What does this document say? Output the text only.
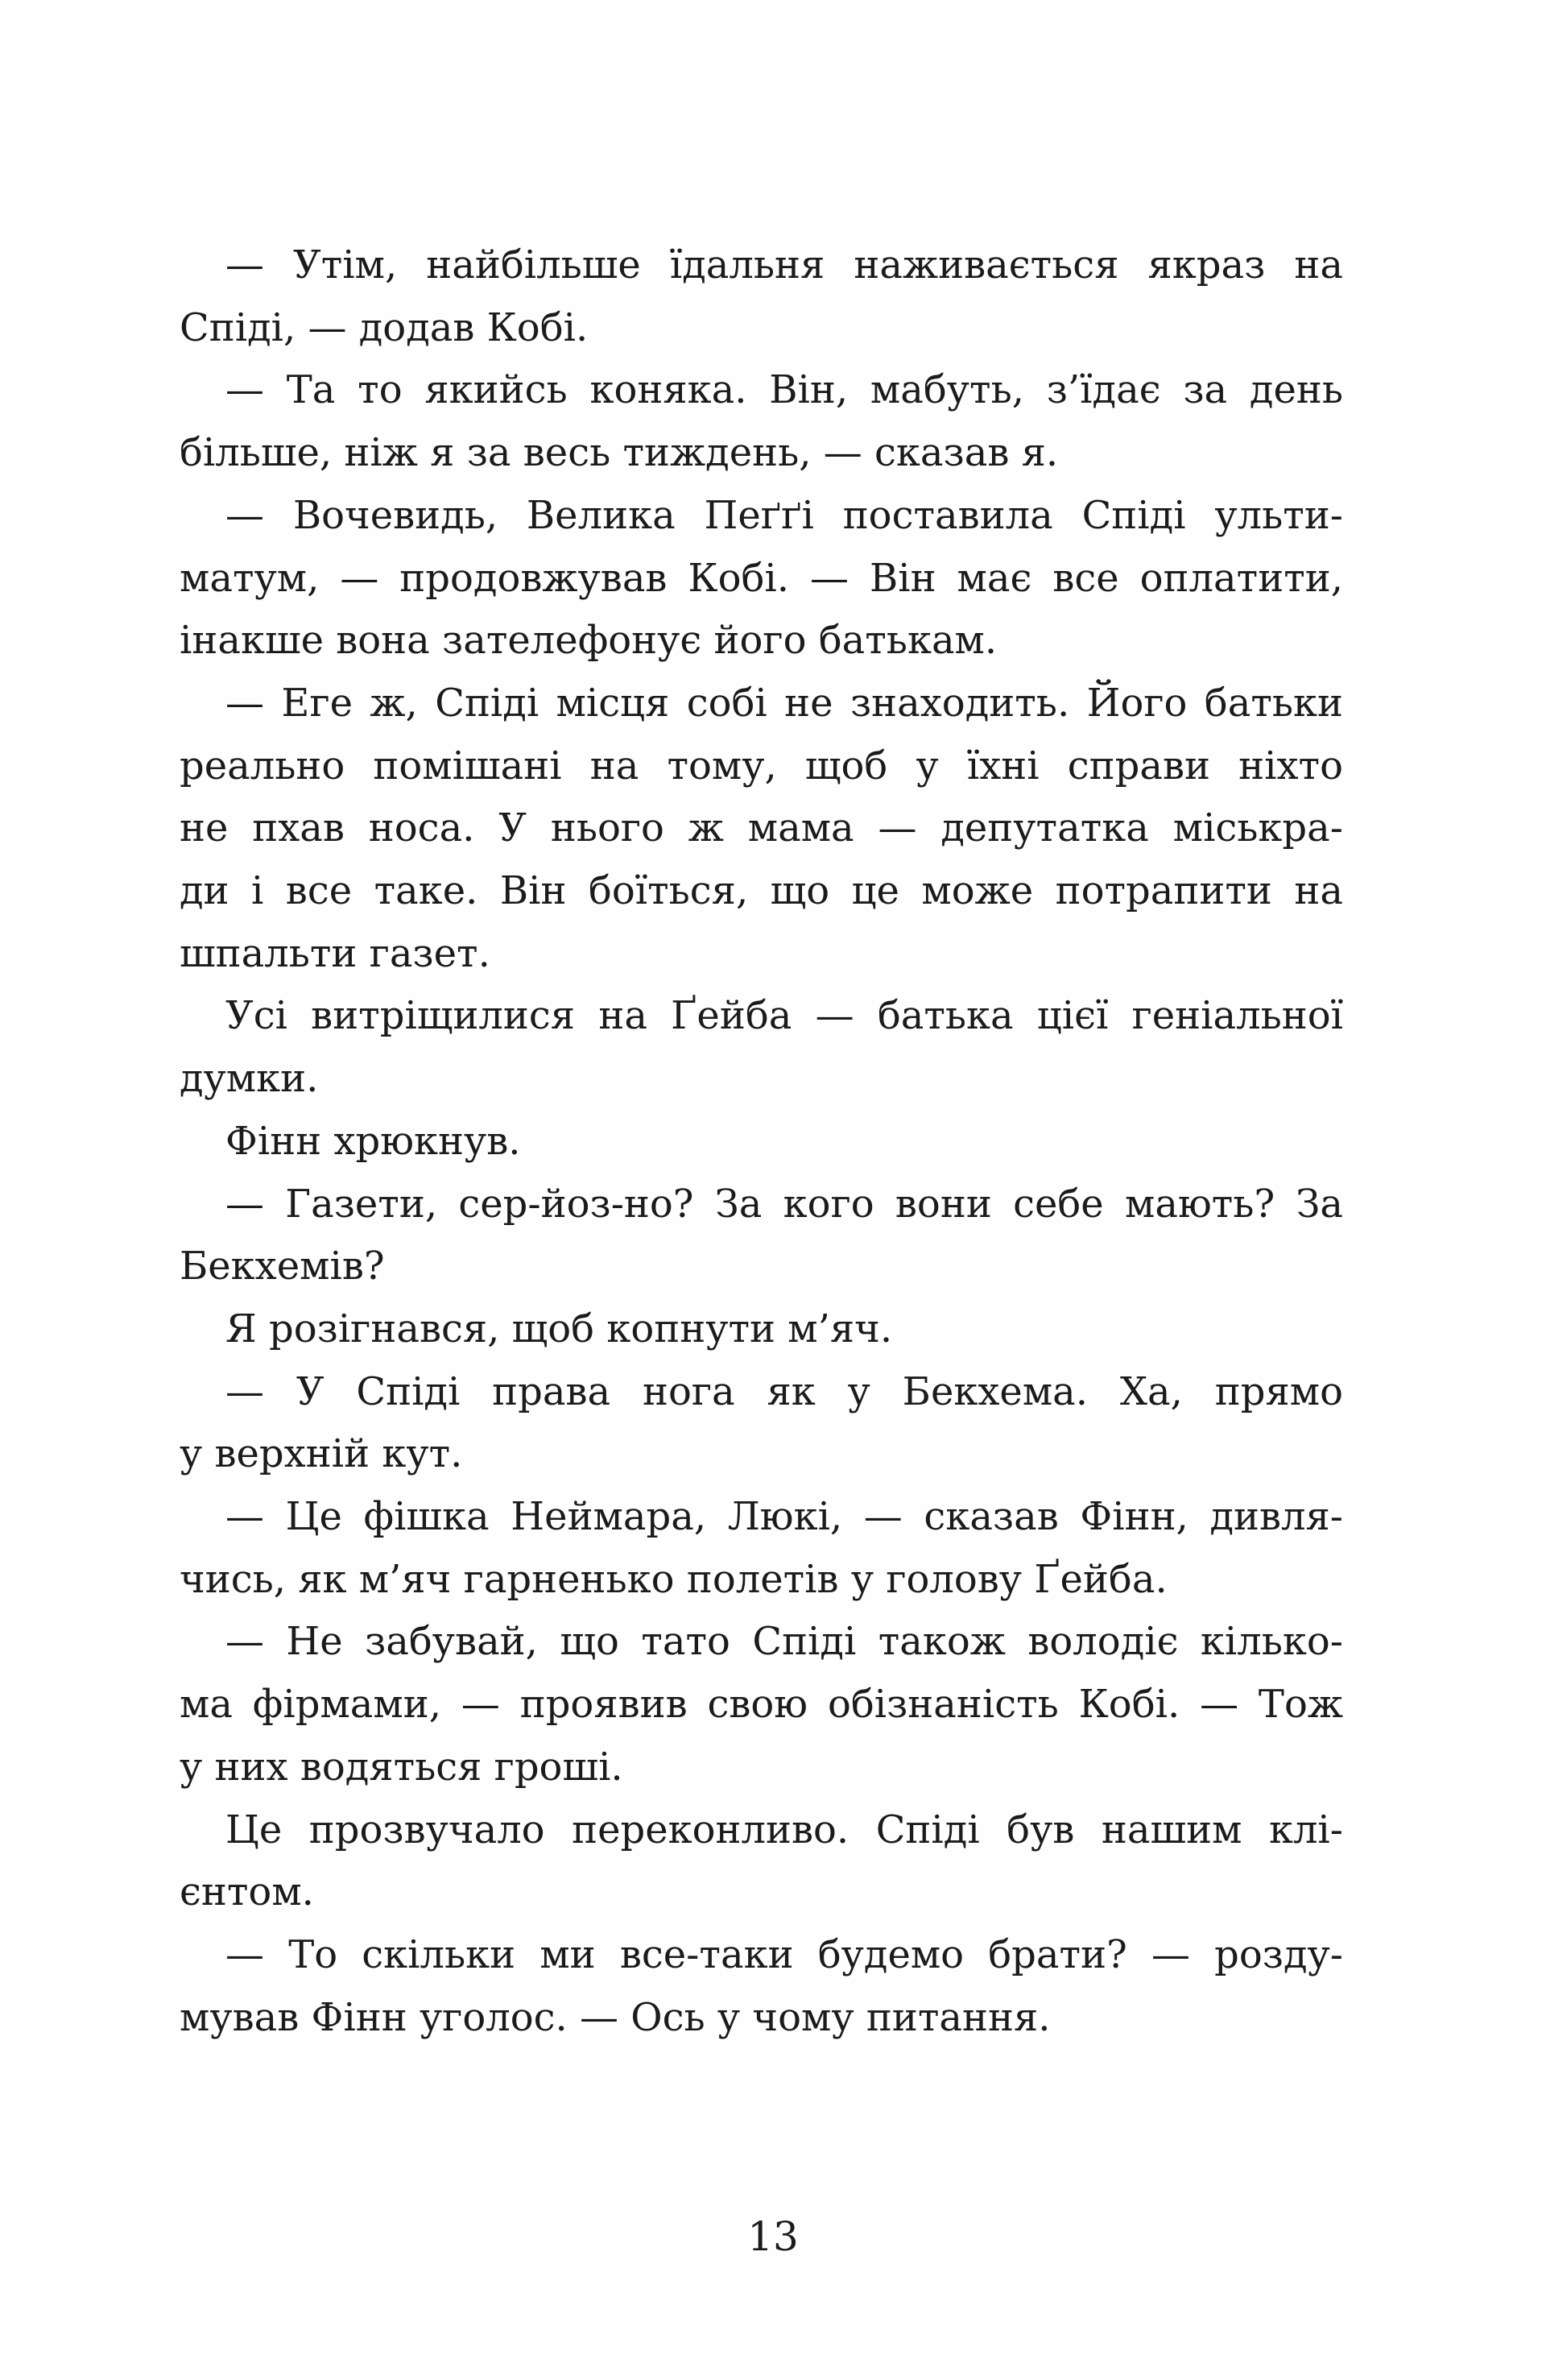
— Утім, найбільше їдальня наживається якраз на
Спіді, — додав Кобі.
— Та то якийсь коняка. Він, мабуть, з’їдає за день
більше, ніж я за весь тиждень, — сказав я.
— Вочевидь, Велика Пеґґі поставила Спіді ульти-
матум, — продовжував Кобі. — Він має все оплатити,
інакше вона зателефонує його батькам.
— Еге ж, Спіді місця собі не знаходить. Його батьки
реально помішані на тому, щоб у їхні справи ніхто
не пхав носа. У нього ж мама — депутатка міськра-
ди і все таке. Він боїться, що це може потрапити на
шпальти газет.
Усі витріщилися на Ґейба — батька цієї геніальної
думки.
Фінн хрюкнув.
— Газети, сер-йоз-но? За кого вони себе мають? За
Бекхемів?
Я розігнався, щоб копнути м’яч.
— У Спіді права нога як у Бекхема. Ха, прямо
у верхній кут.
— Це фішка Неймара, Люкі, — сказав Фінн, дивля-
чись, як м’яч гарненько полетів у голову Ґейба.
— Не забувай, що тато Спіді також володіє кілько-
ма фірмами, — проявив свою обізнаність Кобі. — Тож
у них водяться гроші.
Це прозвучало переконливо. Спіді був нашим клі-
єнтом.
— То скільки ми все-таки будемо брати? — розду-
мував Фінн уголос. — Ось у чому питання.
13
